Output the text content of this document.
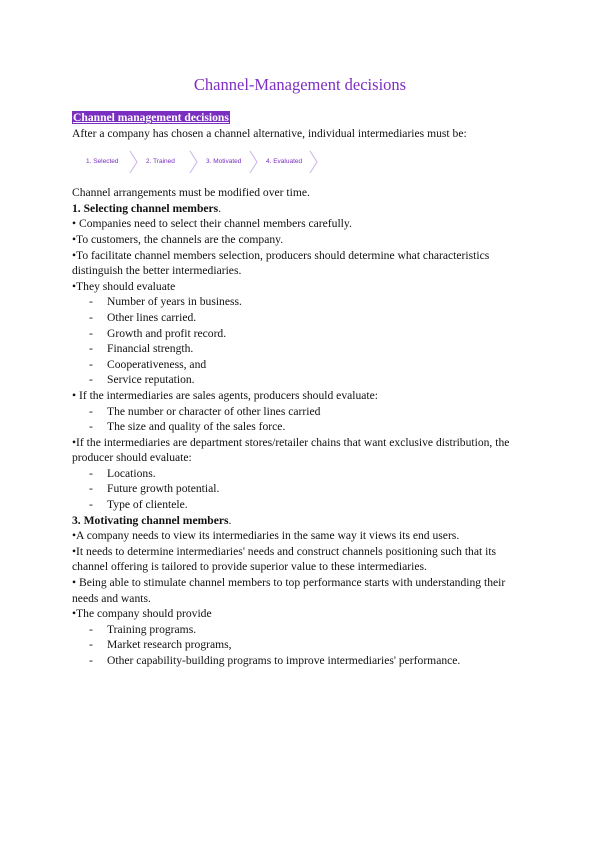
Channel-Management decisions
Channel management decisions
After a company has chosen a channel alternative, individual intermediaries must be:
1. Selected	2. Trained	3. Motivated	4. Evaluated
Channel arrangements must be modified over time.
1. Selecting channel members.
• Companies need to select their channel members carefully.
•To customers, the channels are the company.
•To facilitate channel members selection, producers should determine what characteristics distinguish the better intermediaries.
•They should evaluate
-	Number of years in business.
-	Other lines carried.
-	Growth and profit record.
-	Financial strength.
-	Cooperativeness, and
-	Service reputation.
• If the intermediaries are sales agents, producers should evaluate:
-	The number or character of other lines carried
-	The size and quality of the sales force.
•If the intermediaries are department stores/retailer chains that want exclusive distribution, the producer should evaluate:
-	Locations.
-	Future growth potential.
-	Type of clientele.
3. Motivating channel members.
•A company needs to view its intermediaries in the same way it views its end users.
•It needs to determine intermediaries' needs and construct channels positioning such that its channel offering is tailored to provide superior value to these intermediaries.
• Being able to stimulate channel members to top performance starts with understanding their needs and wants.
•The company should provide
-	Training programs.
-	Market research programs,
-	Other capability-building programs to improve intermediaries' performance.
